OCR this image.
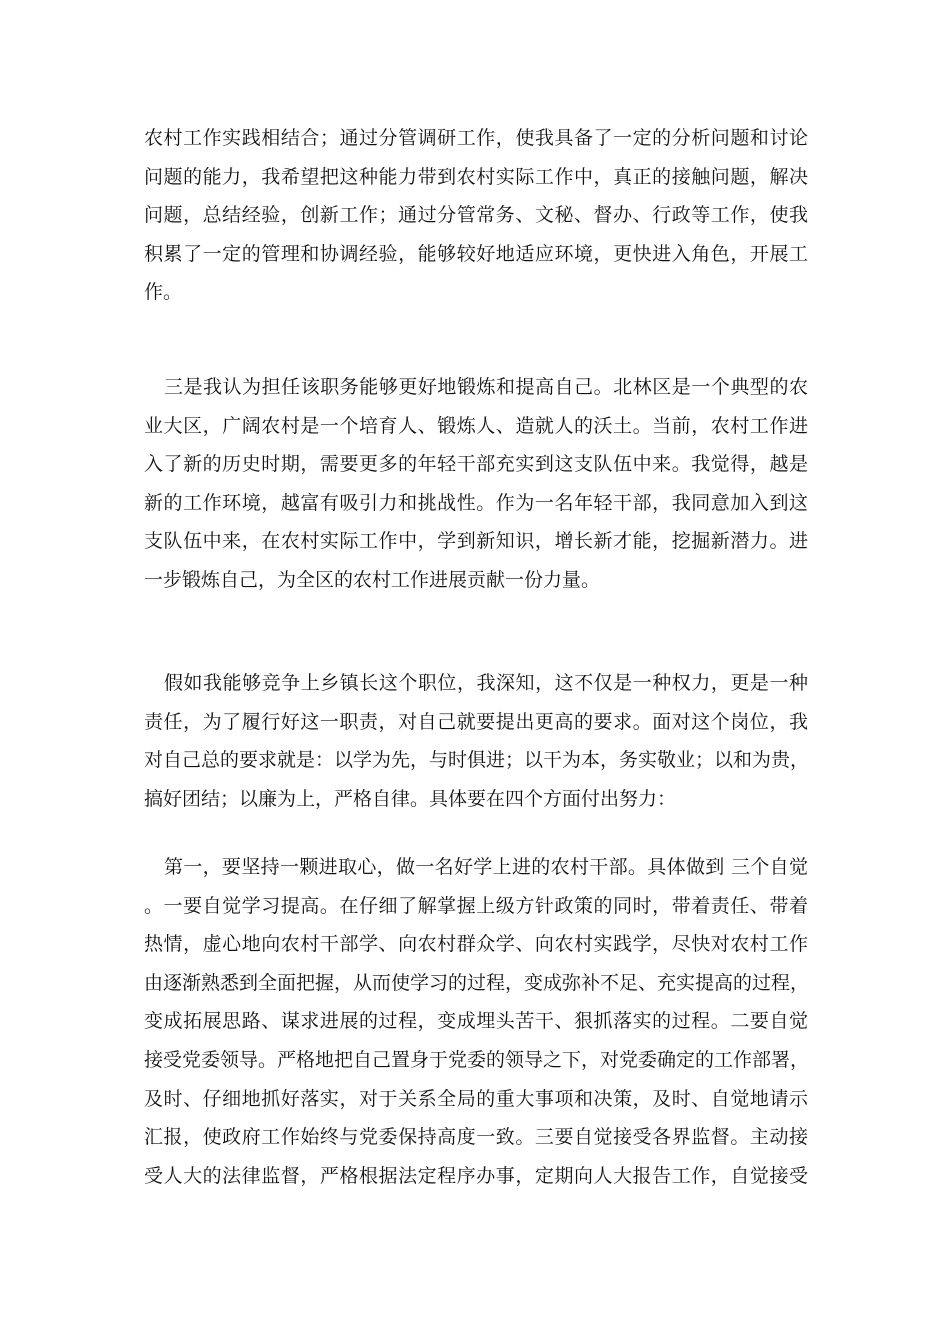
农村工作实践相结合；通过分管调研工作，使我具备了一定的分析问题和讨论
问题的能力，我希望把这种能力带到农村实际工作中，真正的接触问题，解决
问题，总结经验，创新工作；通过分管常务、文秘、督办、行政等工作，使我
积累了一定的管理和协调经验，能够较好地适应环境，更快进入角色，开展工
作。
三是我认为担任该职务能够更好地锻炼和提高自己。北林区是一个典型的农
业大区，广阔农村是一个培育人、锻炼人、造就人的沃土。当前，农村工作进
入了新的历史时期，需要更多的年轻干部充实到这支队伍中来。我觉得，越是
新的工作环境，越富有吸引力和挑战性。作为一名年轻干部，我同意加入到这
支队伍中来，在农村实际工作中，学到新知识，增长新才能，挖掘新潜力。进
一步锻炼自己，为全区的农村工作进展贡献一份力量。
假如我能够竞争上乡镇长这个职位，我深知，这不仅是一种权力，更是一种
责任，为了履行好这一职责，对自己就要提出更高的要求。面对这个岗位，我
对自己总的要求就是：以学为先，与时俱进；以干为本，务实敬业；以和为贵，
搞好团结；以廉为上，严格自律。具体要在四个方面付出努力：
第一，要坚持一颗进取心，做一名好学上进的农村干部。具体做到 三个自觉
。一要自觉学习提高。在仔细了解掌握上级方针政策的同时，带着责任、带着
热情，虚心地向农村干部学、向农村群众学、向农村实践学，尽快对农村工作
由逐渐熟悉到全面把握，从而使学习的过程，变成弥补不足、充实提高的过程，
变成拓展思路、谋求进展的过程，变成埋头苦干、狠抓落实的过程。二要自觉
接受党委领导。严格地把自己置身于党委的领导之下，对党委确定的工作部署，
及时、仔细地抓好落实，对于关系全局的重大事项和决策，及时、自觉地请示
汇报，使政府工作始终与党委保持高度一致。三要自觉接受各界监督。主动接
受人大的法律监督，严格根据法定程序办事，定期向人大报告工作，自觉接受
